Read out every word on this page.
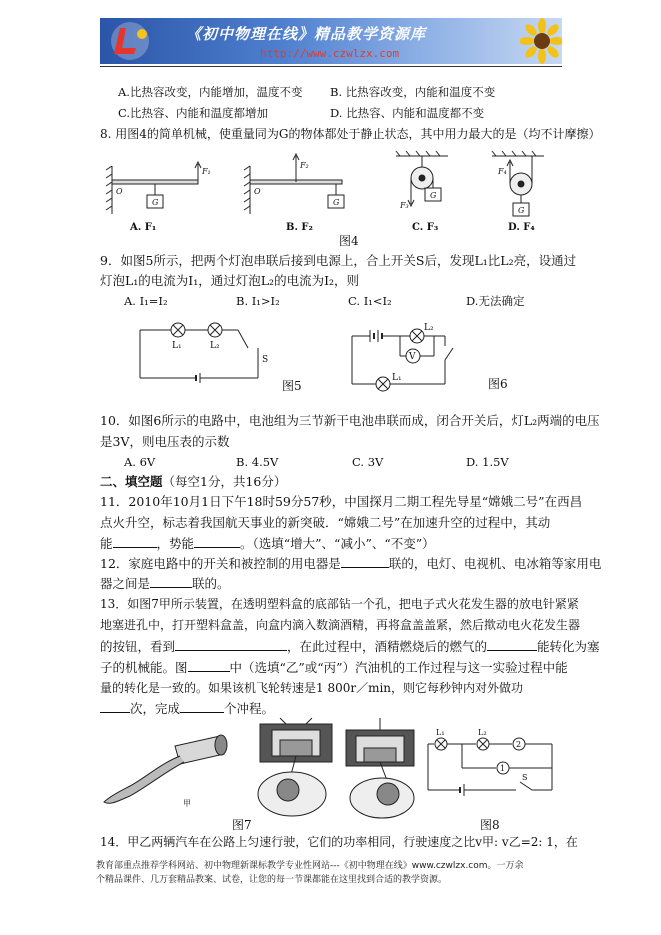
《初中物理在线》精品教学资源库
http://www.czwlzx.com
A.比热容改变，内能增加，温度不变 B. 比热容改变，内能和温度不变
C.比热容、内能和温度都增加	D. 比热容、内能和温度都不变
8. 用图4的简单机械，使重量同为G的物体都处于静止状态，其中用力最大的是（均不计摩擦）
O	O
F₁
F₂
F₃
F₄
G	G
G
G
A. F₁	B. F₂	C. F₃	D. F₄
图4
9．如图5所示，把两个灯泡串联后接到电源上，合上开关S后，发现L₁比L₂亮，设通过
灯泡L₁的电流为I₁，通过灯泡L₂的电流为I₂，则
A. I₁=I₂	B. I₁>I₂	C. I₁<I₂	D.无法确定
L₁	L₂
S
图5
L₂
V
L₁	图6
10．如图6所示的电路中，电池组为三节新干电池串联而成，闭合开关后，灯L₂两端的电压
是3V，则电压表的示数
A. 6V	B. 4.5V	C. 3V	D. 1.5V
二、填空题（每空1分，共16分）
11．2010年10月1日下午18时59分57秒，中国探月二期工程先导星“嫦娥二号”在西昌
点火升空，标志着我国航天事业的新突破．“嫦娥二号”在加速升空的过程中，其动
能	，势能	。（选填“增大”、“减小”、“不变”）
12．家庭电路中的开关和被控制的用电器是	联的，电灯、电视机、电冰箱等家用电
器之间是	联的。
13．如图7甲所示装置，在透明塑料盒的底部钻一个孔，把电子式火花发生器的放电针紧紧
地塞进孔中，打开塑料盒盖，向盒内滴入数滴酒精，再将盒盖盖紧，然后揿动电火花发生器
的按钮，看到	，在此过程中，酒精燃烧后的燃气的	能转化为塞
子的机械能。图	中（选填“乙”或“丙”）汽油机的工作过程与这一实验过程中能
量的转化是一致的。如果该机飞轮转速是1 800r／min，则它每秒钟内对外做功
次，完成	个冲程。
甲
图7
L₁	L₂
2
1
S
图8
14．甲乙两辆汽车在公路上匀速行驶，它们的功率相同，行驶速度之比v甲: v乙=2: 1，在
教育部重点推荐学科网站、初中物理新课标教学专业性网站---《初中物理在线》www.czwlzx.com。一万余
个精品课件、几万套精品教案、试卷，让您的每一节课都能在这里找到合适的教学资源。
